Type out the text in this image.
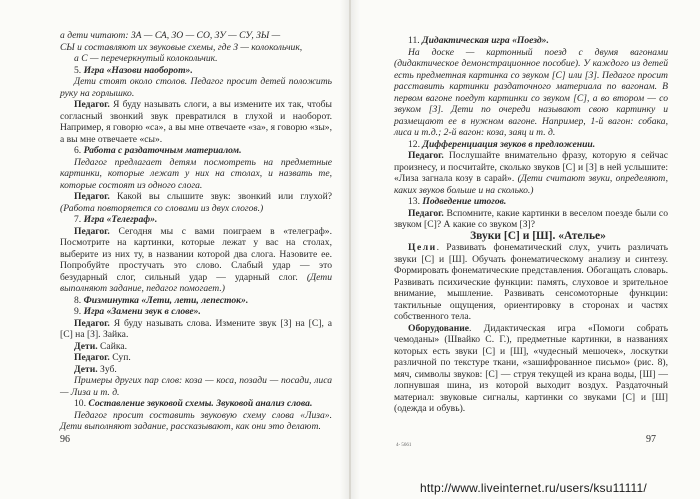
а дети читают: ЗА — СА, ЗО — СО, ЗУ — СУ, ЗЫ —

СЫ и составляют их звуковые схемы, где З — колокольчик,

а С — перечеркнутый колокольчик.

5. Игра «Назови наоборот».

Дети стоят около столов. Педагог просит детей положить руку на горлышко.

Педагог. Я буду называть слоги, а вы измените их так, чтобы согласный звонкий звук превратился в глухой и наоборот. Например, я говорю «са», а вы мне отвечаете «за», я говорю «зы», а вы мне отвечаете «сы».

6. Работа с раздаточным материалом.

Педагог предлагает детям посмотреть на предметные картинки, которые лежат у них на столах, и назвать те, которые состоят из одного слога.

Педагог. Какой вы слышите звук: звонкий или глухой? (Работа повторяется со словами из двух слогов.)

7. Игра «Телеграф».

Педагог. Сегодня мы с вами поиграем в «телеграф». Посмотрите на картинки, которые лежат у вас на столах, выберите из них ту, в названии которой два слога. Назовите ее. Попробуйте простучать это слово. Слабый удар — это безударный слог, сильный удар — ударный слог. (Дети выполняют задание, педагог помогает.)

8. Физминутка «Лети, лети, лепесток».

9. Игра «Замени звук в слове».

Педагог. Я буду называть слова. Измените звук [З] на [С], а [С] на [З]. Зайка.

Дети. Сайка.

Педагог. Суп.

Дети. Зуб.

Примеры других пар слов: коза — коса, позади — посади, лиса — Лиза и т. д.

10. Составление звуковой схемы. Звуковой анализ слова.

Педагог просит составить звуковую схему слова «Лиза». Дети выполняют задание, рассказывают, как они это делают.

96

11. Дидактическая игра «Поезд».

На доске — картонный поезд с двумя вагонами (дидактическое демонстрационное пособие). У каждого из детей есть предметная картинка со звуком [С] или [З]. Педагог просит расставить картинки раздаточного материала по вагонам. В первом вагоне поедут картинки со звуком [С], а во втором — со звуком [З]. Дети по очереди называют свою картинку и размещают ее в нужном вагоне. Например, 1-й вагон: собака, лиса и т.д.; 2-й вагон: коза, заяц и т. д.

12. Дифференциация звуков в предложении.

Педагог. Послушайте внимательно фразу, которую я сейчас произнесу, и посчитайте, сколько звуков [С] и [З] в ней услышите: «Лиза загнала козу в сарай». (Дети считают звуки, определяют, каких звуков больше и на сколько.)

13. Подведение итогов.

Педагог. Вспомните, какие картинки в веселом поезде были со звуком [С]? А какие со звуком [З]?

Звуки [С] и [Ш]. «Ателье»

Цели. Развивать фонематический слух, учить различать звуки [С] и [Ш]. Обучать фонематическому анализу и синтезу. Формировать фонематические представления. Обогащать словарь. Развивать психические функции: память, слуховое и зрительное внимание, мышление. Развивать сенсомоторные функции: тактильные ощущения, ориентировку в сторонах и частях собственного тела.

Оборудование. Дидактическая игра «Помоги собрать чемоданы» (Швайко С. Г.), предметные картинки, в названиях которых есть звуки [С] и [Ш], «чудесный мешочек», лоскутки различной по текстуре ткани, «зашифрованное письмо» (рис. 8), мяч, символы звуков: [С] — струя текущей из крана воды, [Ш] — лопнувшая шина, из которой выходит воздух. Раздаточный материал: звуковые сигналы, картинки со звуками [С] и [Ш] (одежда и обувь).

4- 5661
97
http://www.liveinternet.ru/users/ksu11111/
